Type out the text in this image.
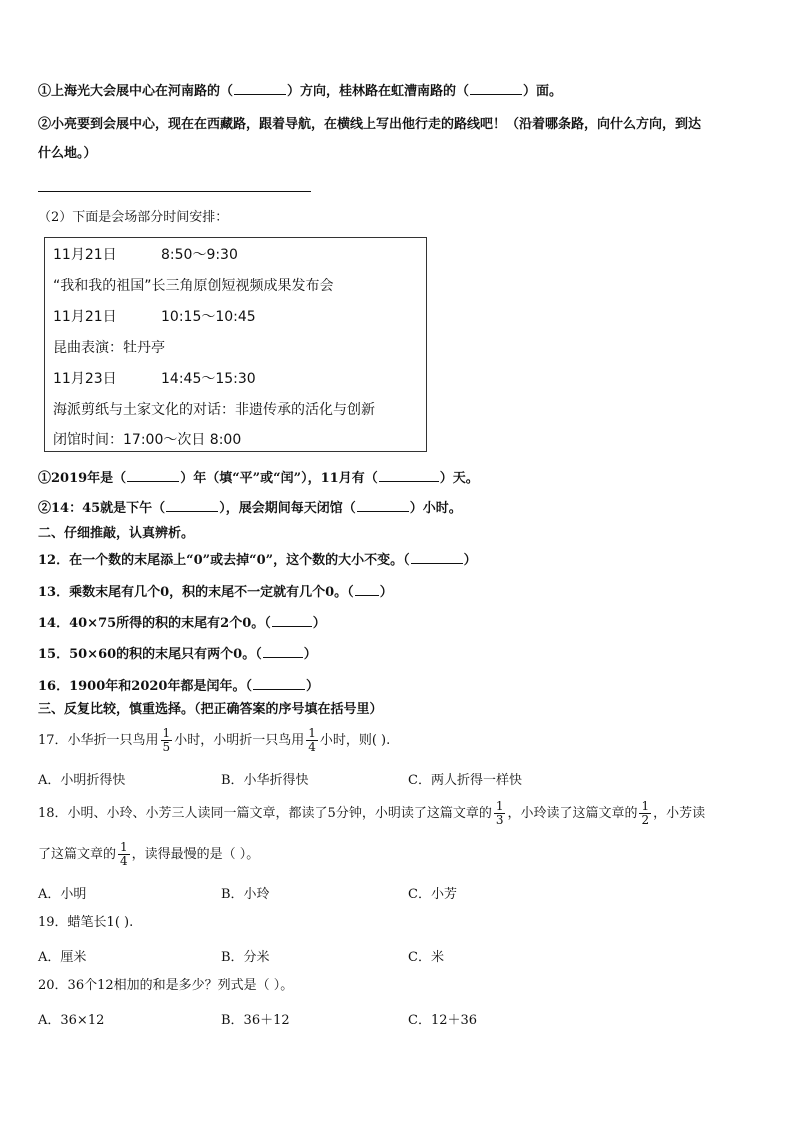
①上海光大会展中心在河南路的（	）方向，桂林路在虹漕南路的（	）面。
②小亮要到会展中心，现在在西藏路，跟着导航，在横线上写出他行走的路线吧！（沿着哪条路，向什么方向，到达
什么地。）
（2）下面是会场部分时间安排：
11月21日	8:50～9:30
“我和我的祖国”长三角原创短视频成果发布会
11月21日	10:15～10:45
昆曲表演：牡丹亭
11月23日	14:45～15:30
海派剪纸与土家文化的对话：非遗传承的活化与创新
闭馆时间：17:00～次日 8:00
①2019年是（	）年（填“平”或“闰”），11月有（	）天。
②14：45就是下午（	），展会期间每天闭馆（	）小时。
二、仔细推敲，认真辨析。
12．在一个数的末尾添上“0”或去掉“0”，这个数的大小不变。（	）
13．乘数末尾有几个0，积的末尾不一定就有几个0。（ ）
14．40×75所得的积的末尾有2个0。（	）
15．50×60的积的末尾只有两个0。（	）
16．1900年和2020年都是闰年。（	）
三、反复比较，慎重选择。（把正确答案的序号填在括号里）
17．小华折一只鸟用 $\frac{1}{5}$ 小时，小明折一只鸟用 $\frac{1}{4}$ 小时，则( ).
A．小明折得快	B．小华折得快	C．两人折得一样快
18．小明、小玲、小芳三人读同一篇文章，都读了5分钟，小明读了这篇文章的 $\frac{1}{3}$ ，小玲读了这篇文章的 $\frac{1}{2}$ ，小芳读
了这篇文章的 $\frac{1}{4}$ ，读得最慢的是（ ）。
A．小明	B．小玲	C．小芳
19．蜡笔长1( ).
A．厘米	B．分米	C．米
20．36个12相加的和是多少？列式是（ ）。
A．36×12	B．36＋12	C．12＋36
